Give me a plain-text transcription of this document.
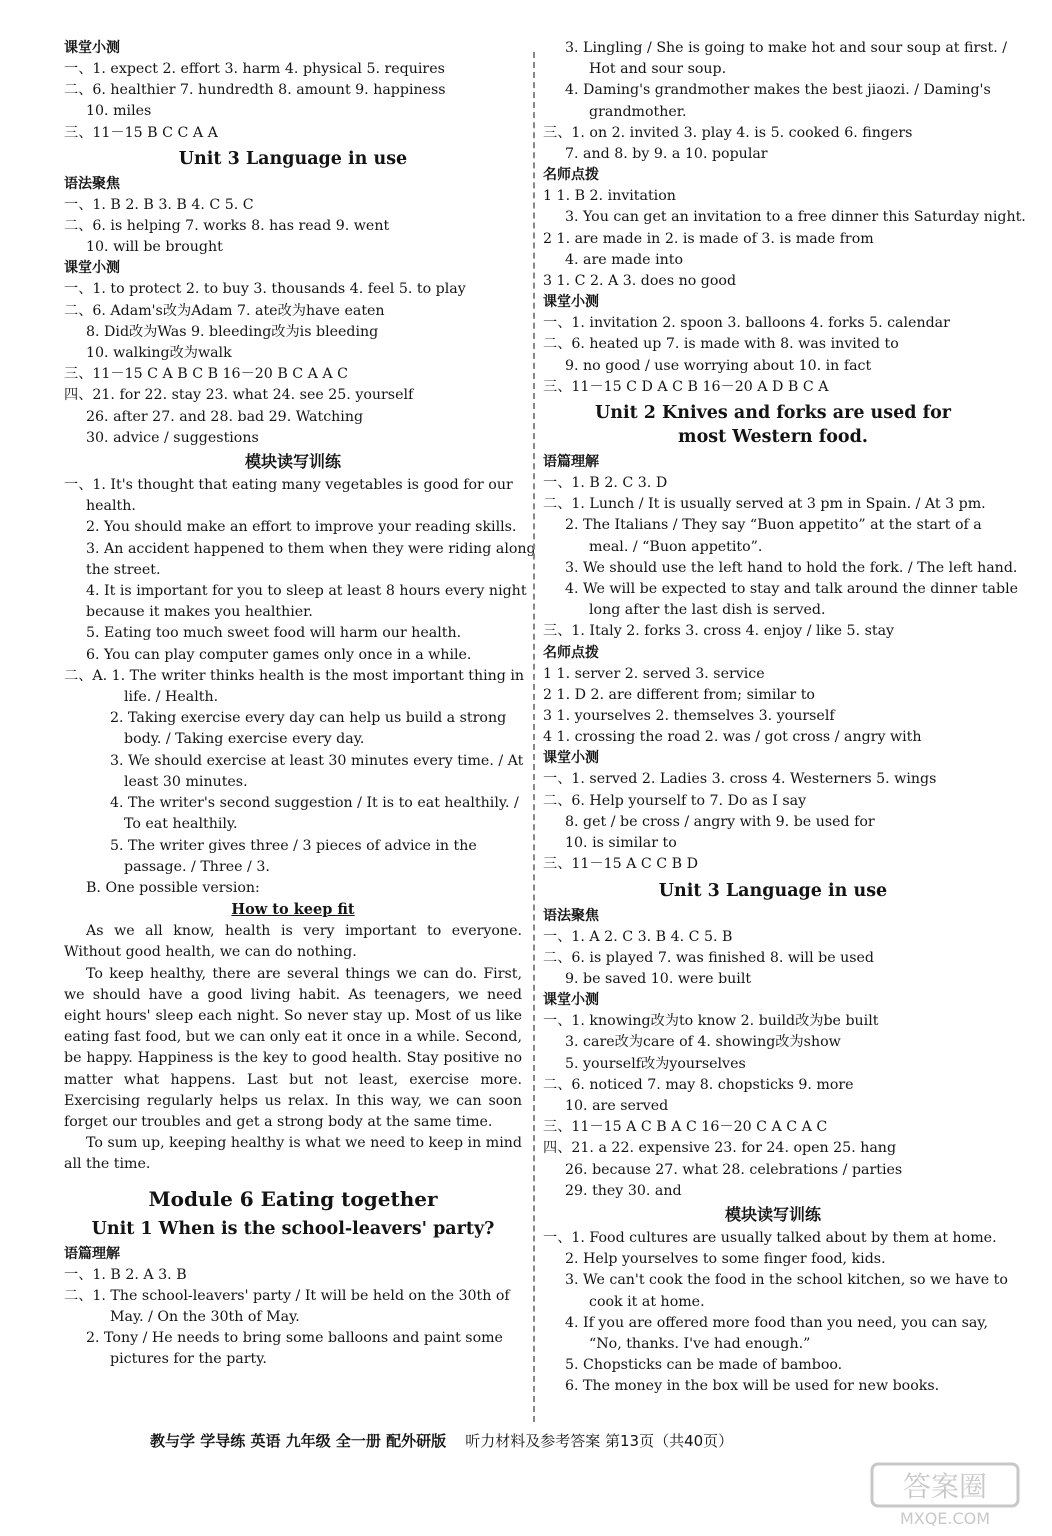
课堂小测
一、1. expect 2. effort 3. harm 4. physical 5. requires
二、6. healthier 7. hundredth 8. amount 9. happiness
10. miles
三、11－15 B C C A A
Unit 3 Language in use
语法聚焦
一、1. B 2. B 3. B 4. C 5. C
二、6. is helping 7. works 8. has read 9. went
10. will be brought
课堂小测
一、1. to protect 2. to buy 3. thousands 4. feel 5. to play
二、6. Adam's改为Adam 7. ate改为have eaten
8. Did改为Was 9. bleeding改为is bleeding
10. walking改为walk
三、11－15 C A B C B 16－20 B C A A C
四、21. for 22. stay 23. what 24. see 25. yourself
26. after 27. and 28. bad 29. Watching
30. advice / suggestions
模块读写训练
一、1. It's thought that eating many vegetables is good for our
health.
2. You should make an effort to improve your reading skills.
3. An accident happened to them when they were riding along
the street.
4. It is important for you to sleep at least 8 hours every night
because it makes you healthier.
5. Eating too much sweet food will harm our health.
6. You can play computer games only once in a while.
二、A. 1. The writer thinks health is the most important thing in
life. / Health.
2. Taking exercise every day can help us build a strong
body. / Taking exercise every day.
3. We should exercise at least 30 minutes every time. / At
least 30 minutes.
4. The writer's second suggestion / It is to eat healthily. /
To eat healthily.
5. The writer gives three / 3 pieces of advice in the
passage. / Three / 3.
B. One possible version:
How to keep fit
As we all know, health is very important to everyone. Without good health, we can do nothing.
To keep healthy, there are several things we can do. First, we should have a good living habit. As teenagers, we need eight hours' sleep each night. So never stay up. Most of us like eating fast food, but we can only eat it once in a while. Second, be happy. Happiness is the key to good health. Stay positive no matter what happens. Last but not least, exercise more. Exercising regularly helps us relax. In this way, we can soon forget our troubles and get a strong body at the same time.
To sum up, keeping healthy is what we need to keep in mind all the time.
Module 6 Eating together
Unit 1 When is the school-leavers' party?
语篇理解
一、1. B 2. A 3. B
二、1. The school-leavers' party / It will be held on the 30th of
May. / On the 30th of May.
2. Tony / He needs to bring some balloons and paint some
pictures for the party.
3. Lingling / She is going to make hot and sour soup at first. /
Hot and sour soup.
4. Daming's grandmother makes the best jiaozi. / Daming's
grandmother.
三、1. on 2. invited 3. play 4. is 5. cooked 6. fingers
7. and 8. by 9. a 10. popular
名师点拨
1 1. B 2. invitation
3. You can get an invitation to a free dinner this Saturday night.
2 1. are made in 2. is made of 3. is made from
4. are made into
3 1. C 2. A 3. does no good
课堂小测
一、1. invitation 2. spoon 3. balloons 4. forks 5. calendar
二、6. heated up 7. is made with 8. was invited to
9. no good / use worrying about 10. in fact
三、11－15 C D A C B 16－20 A D B C A
Unit 2 Knives and forks are used for
most Western food.
语篇理解
一、1. B 2. C 3. D
二、1. Lunch / It is usually served at 3 pm in Spain. / At 3 pm.
2. The Italians / They say “Buon appetito” at the start of a
meal. / “Buon appetito”.
3. We should use the left hand to hold the fork. / The left hand.
4. We will be expected to stay and talk around the dinner table
long after the last dish is served.
三、1. Italy 2. forks 3. cross 4. enjoy / like 5. stay
名师点拨
1 1. server 2. served 3. service
2 1. D 2. are different from; similar to
3 1. yourselves 2. themselves 3. yourself
4 1. crossing the road 2. was / got cross / angry with
课堂小测
一、1. served 2. Ladies 3. cross 4. Westerners 5. wings
二、6. Help yourself to 7. Do as I say
8. get / be cross / angry with 9. be used for
10. is similar to
三、11－15 A C C B D
Unit 3 Language in use
语法聚焦
一、1. A 2. C 3. B 4. C 5. B
二、6. is played 7. was finished 8. will be used
9. be saved 10. were built
课堂小测
一、1. knowing改为to know 2. build改为be built
3. care改为care of 4. showing改为show
5. yourself改为yourselves
二、6. noticed 7. may 8. chopsticks 9. more
10. are served
三、11－15 A C B A C 16－20 C A C A C
四、21. a 22. expensive 23. for 24. open 25. hang
26. because 27. what 28. celebrations / parties
29. they 30. and
模块读写训练
一、1. Food cultures are usually talked about by them at home.
2. Help yourselves to some finger food, kids.
3. We can't cook the food in the school kitchen, so we have to
cook it at home.
4. If you are offered more food than you need, you can say,
“No, thanks. I've had enough.”
5. Chopsticks can be made of bamboo.
6. The money in the box will be used for new books.
教与学 学导练 英语 九年级 全一册 配外研版 听力材料及参考答案 第13页（共40页）
答案圈
MXQE.COM
